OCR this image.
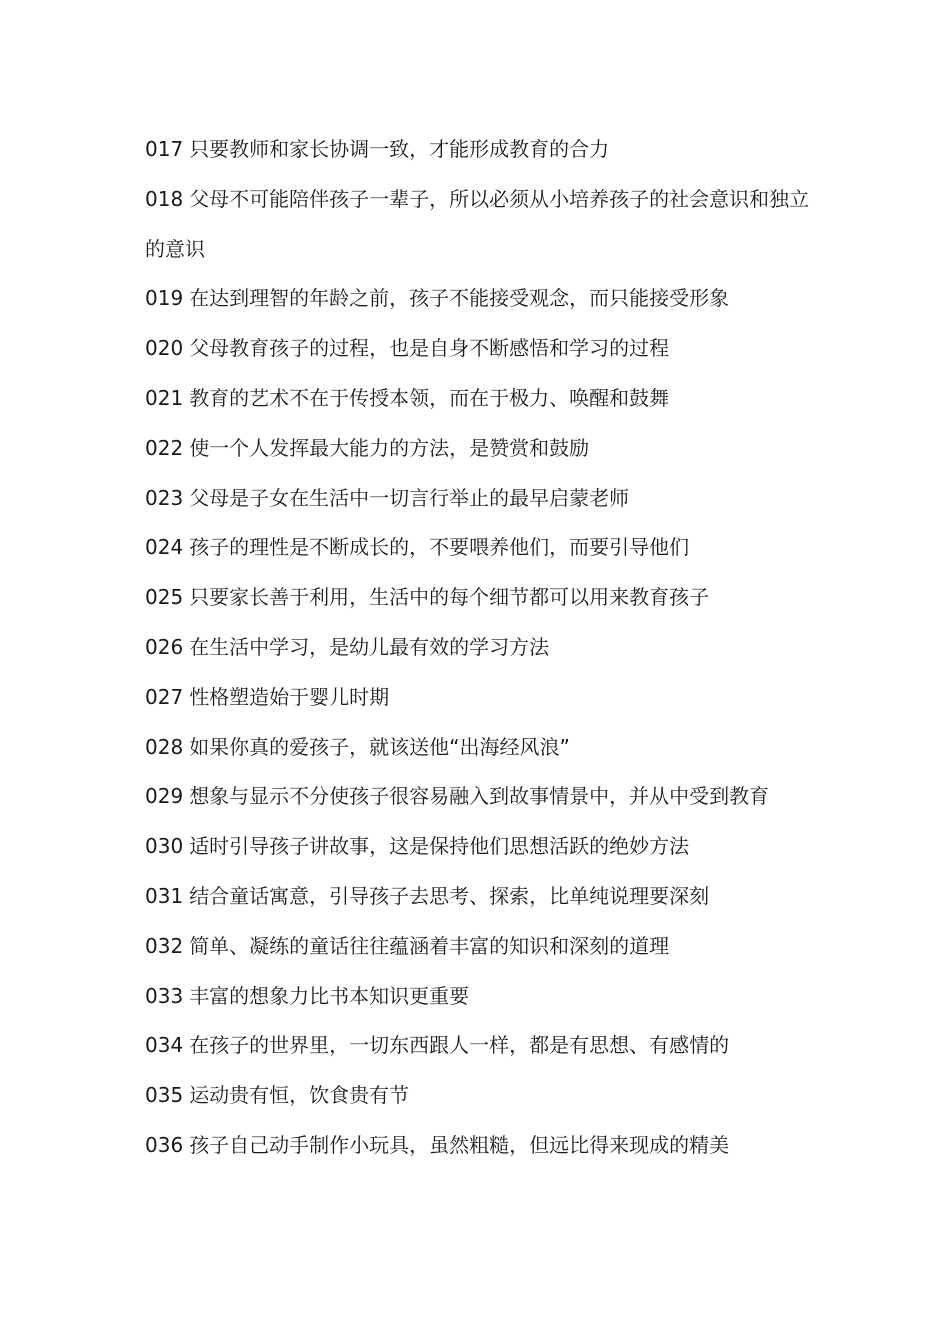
017 只要教师和家长协调一致，才能形成教育的合力

018 父母不可能陪伴孩子一辈子，所以必须从小培养孩子的社会意识和独立的意识

019 在达到理智的年龄之前，孩子不能接受观念，而只能接受形象

020 父母教育孩子的过程，也是自身不断感悟和学习的过程

021 教育的艺术不在于传授本领，而在于极力、唤醒和鼓舞

022 使一个人发挥最大能力的方法，是赞赏和鼓励

023 父母是子女在生活中一切言行举止的最早启蒙老师

024 孩子的理性是不断成长的，不要喂养他们，而要引导他们

025 只要家长善于利用，生活中的每个细节都可以用来教育孩子

026 在生活中学习，是幼儿最有效的学习方法

027 性格塑造始于婴儿时期

028 如果你真的爱孩子，就该送他“出海经风浪”

029 想象与显示不分使孩子很容易融入到故事情景中，并从中受到教育

030 适时引导孩子讲故事，这是保持他们思想活跃的绝妙方法

031 结合童话寓意，引导孩子去思考、探索，比单纯说理要深刻

032 简单、凝练的童话往往蕴涵着丰富的知识和深刻的道理

033 丰富的想象力比书本知识更重要

034 在孩子的世界里，一切东西跟人一样，都是有思想、有感情的

035 运动贵有恒，饮食贵有节

036 孩子自己动手制作小玩具，虽然粗糙，但远比得来现成的精美
